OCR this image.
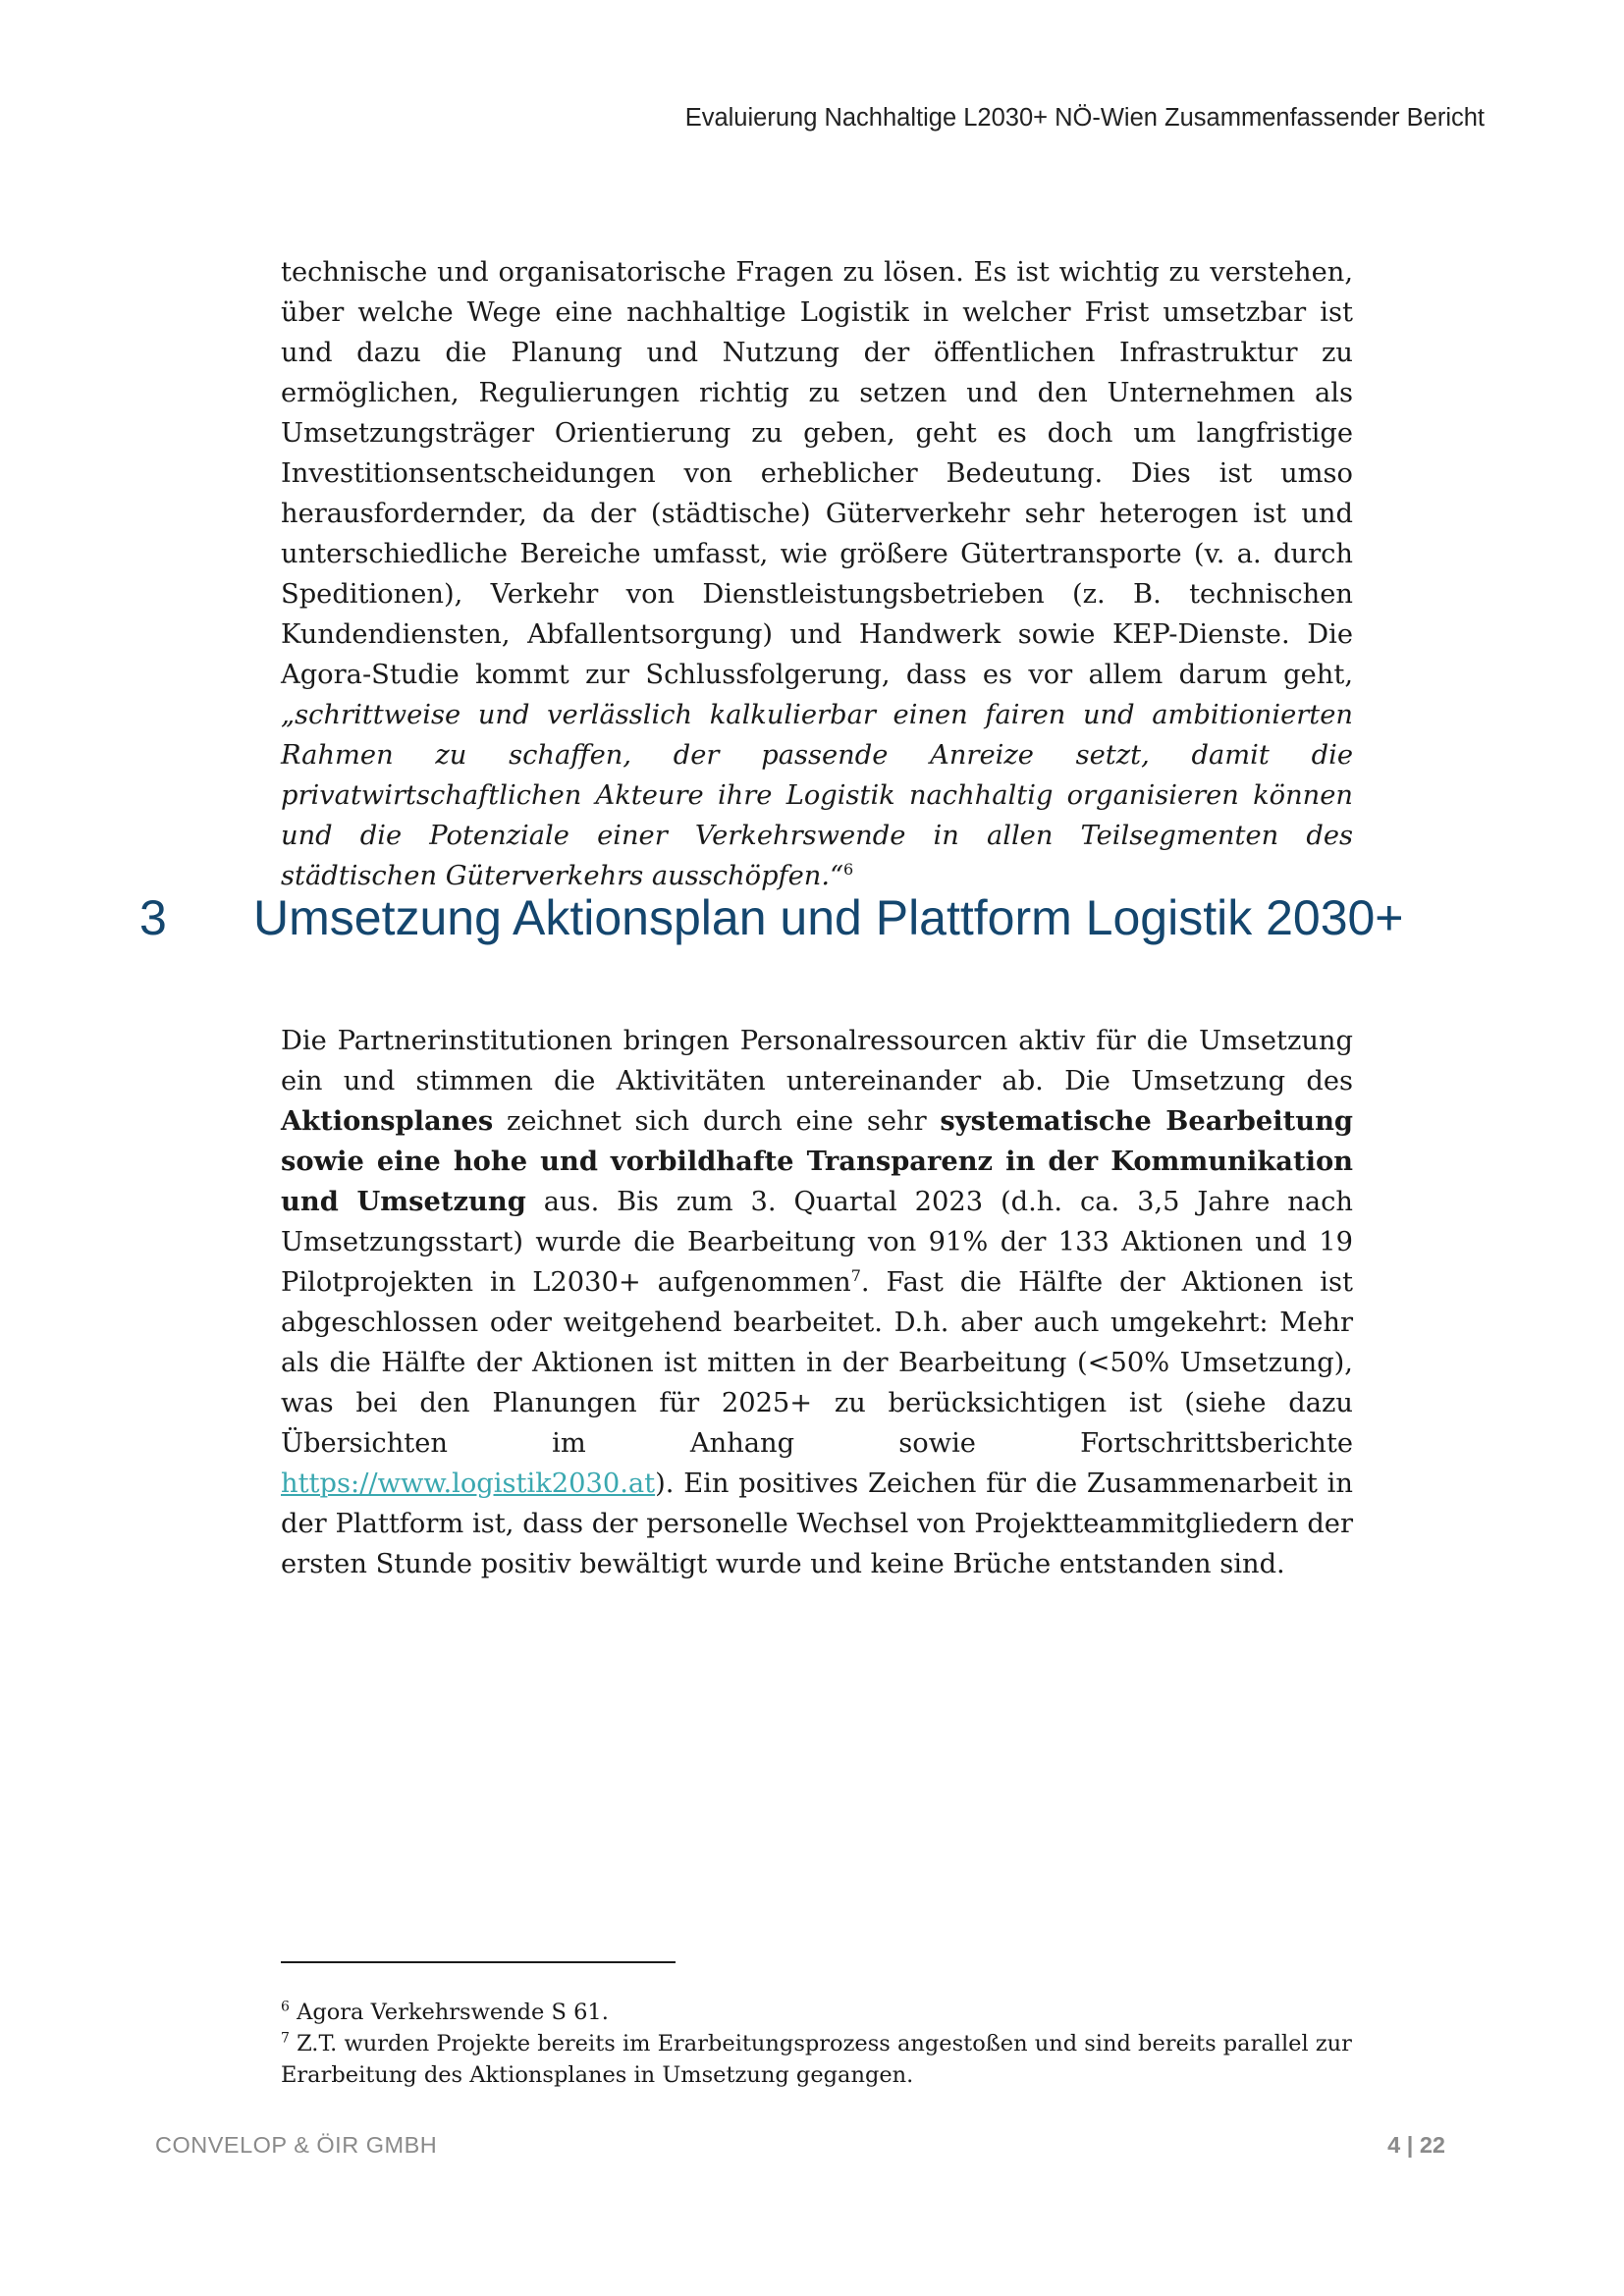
Evaluierung Nachhaltige L2030+ NÖ-Wien Zusammenfassender Bericht

technische und organisatorische Fragen zu lösen. Es ist wichtig zu verstehen, über welche Wege eine nachhaltige Logistik in welcher Frist umsetzbar ist und dazu die Planung und Nutzung der öffentlichen Infrastruktur zu ermöglichen, Regulierungen richtig zu setzen und den Unternehmen als Umsetzungsträger Orientierung zu geben, geht es doch um langfristige Investitionsentscheidungen von erheblicher Bedeutung. Dies ist umso herausfordernder, da der (städtische) Güterverkehr sehr heterogen ist und unterschiedliche Bereiche umfasst, wie größere Gütertransporte (v. a. durch Speditionen), Verkehr von Dienstleistungsbetrieben (z. B. technischen Kundendiensten, Abfallentsorgung) und Handwerk sowie KEP-Dienste. Die Agora-Studie kommt zur Schlussfolgerung, dass es vor allem darum geht, „schrittweise und verlässlich kalkulierbar einen fairen und ambitionierten Rahmen zu schaffen, der passende Anreize setzt, damit die privatwirtschaftlichen Akteure ihre Logistik nachhaltig organisieren können und die Potenziale einer Verkehrswende in allen Teilsegmenten des städtischen Güterverkehrs ausschöpfen.“$^6$

3 Umsetzung Aktionsplan und Plattform Logistik 2030+

Die Partnerinstitutionen bringen Personalressourcen aktiv für die Umsetzung ein und stimmen die Aktivitäten untereinander ab. Die Umsetzung des Aktionsplanes zeichnet sich durch eine sehr systematische Bearbeitung sowie eine hohe und vorbildhafte Transparenz in der Kommunikation und Umsetzung aus. Bis zum 3. Quartal 2023 (d.h. ca. 3,5 Jahre nach Umsetzungsstart) wurde die Bearbeitung von 91% der 133 Aktionen und 19 Pilotprojekten in L2030+ aufgenommen$^7$. Fast die Hälfte der Aktionen ist abgeschlossen oder weitgehend bearbeitet. D.h. aber auch umgekehrt: Mehr als die Hälfte der Aktionen ist mitten in der Bearbeitung (<50% Umsetzung), was bei den Planungen für 2025+ zu berücksichtigen ist (siehe dazu Übersichten im Anhang sowie Fortschrittsberichte https://www.logistik2030.at). Ein positives Zeichen für die Zusammenarbeit in der Plattform ist, dass der personelle Wechsel von Projektteammitgliedern der ersten Stunde positiv bewältigt wurde und keine Brüche entstanden sind.

$^6$ Agora Verkehrswende S 61.

$^7$ Z.T. wurden Projekte bereits im Erarbeitungsprozess angestoßen und sind bereits parallel zur Erarbeitung des Aktionsplanes in Umsetzung gegangen.

CONVELOP & ÖIR GMBH	4 | 22
